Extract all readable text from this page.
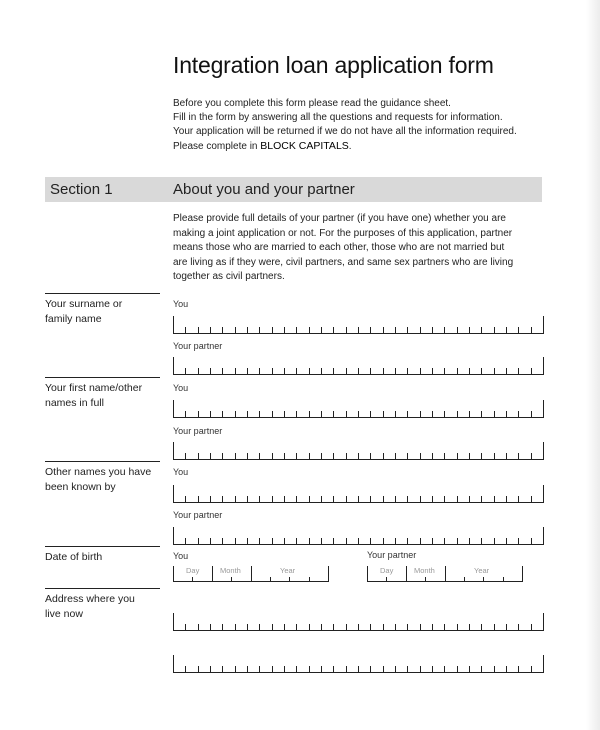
Integration loan application form
Before you complete this form please read the guidance sheet.
Fill in the form by answering all the questions and requests for information.
Your application will be returned if we do not have all the information required.
Please complete in BLOCK CAPITALS.
Section 1	About you and your partner
Please provide full details of your partner (if you have one) whether you are
making a joint application or not. For the purposes of this application, partner
means those who are married to each other, those who are not married but
are living as if they were, civil partners, and same sex partners who are living
together as civil partners.
Your surname or
family name
You
Your partner
Your first name/other
names in full
You
Your partner
Other names you have
been known by
You
Your partner
Date of birth	You	Your partner
Day	Month	Year	Day	Month	Year
Address where you
live now
